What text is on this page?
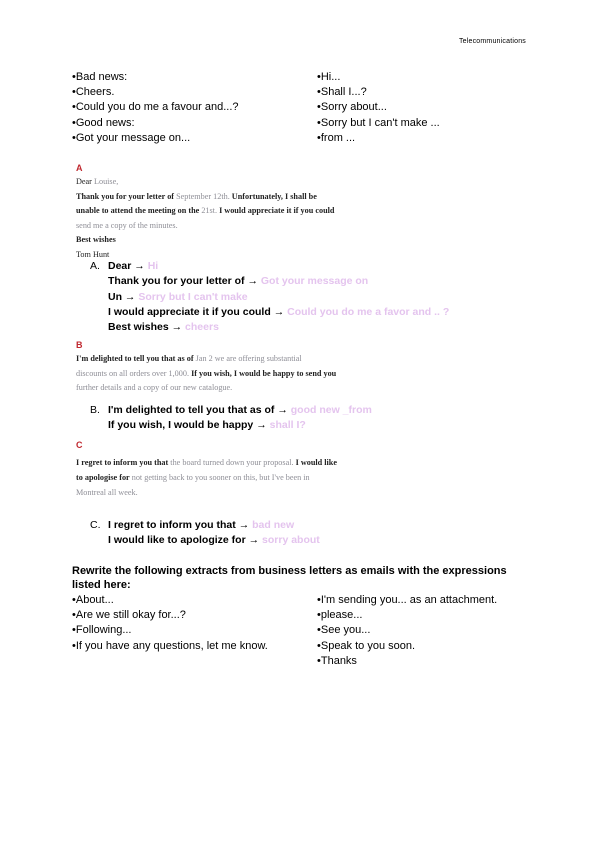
Telecommunications
• Bad news:
• Cheers.
• Could you do me a favour and...?
• Good news:
• Got your message on...
• Hi...
• Shall I...?
• Sorry about...
• Sorry but I can't make ...
• from ...
A
Dear Louise,
Thank you for your letter of September 12th. Unfortunately, I shall be
unable to attend the meeting on the 21st. I would appreciate it if you could
send me a copy of the minutes.
Best wishes
Tom Hunt
A. Dear → Hi
Thank you for your letter of → Got your message on
Un → Sorry but I can't make
I would appreciate it if you could → Could you do me a favor and .. ?
Best wishes → cheers
B
I'm delighted to tell you that as of Jan 2 we are offering substantial
discounts on all orders over 1,000. If you wish, I would be happy to send you
further details and a copy of our new catalogue.
B. I'm delighted to tell you that as of → good new _from
If you wish, I would be happy → shall I?
C
I regret to inform you that the board turned down your proposal. I would like
to apologise for not getting back to you sooner on this, but I've been in
Montreal all week.
C. I regret to inform you that → bad new
I would like to apologize for → sorry about
Rewrite the following extracts from business letters as emails with the expressions listed here:
• About...
• Are we still okay for...?
• Following...
• If you have any questions, let me know.
• I'm sending you... as an attachment.
• please...
• See you...
• Speak to you soon.
• Thanks
